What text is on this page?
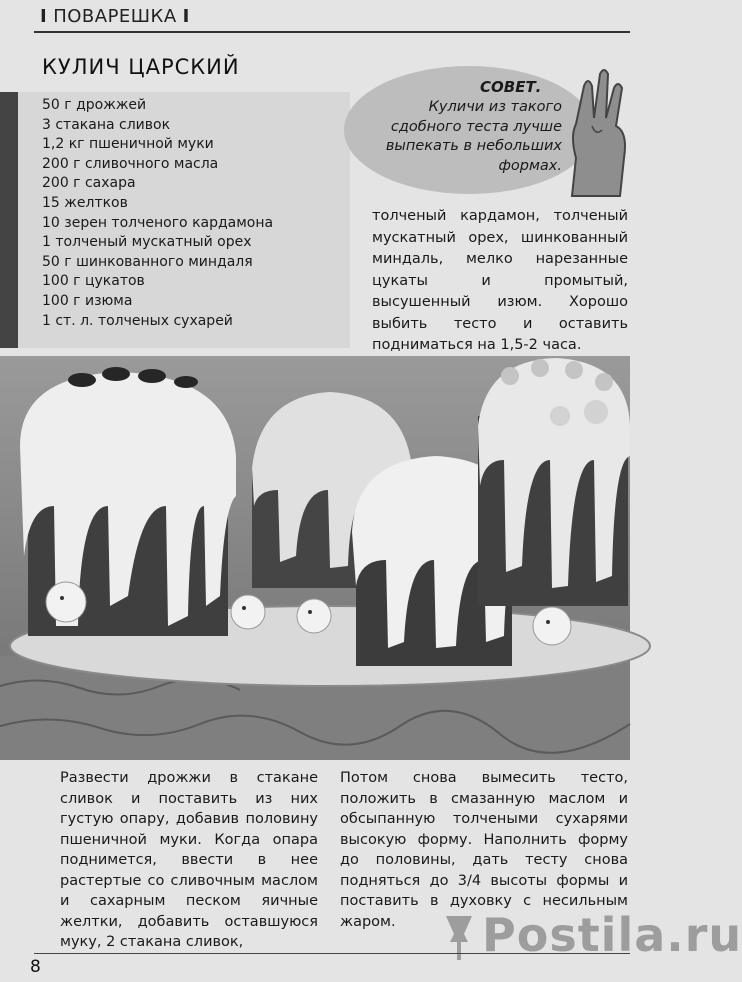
I ПОВАРЕШКА I
КУЛИЧ ЦАРСКИЙ
50 г дрожжей
3 стакана сливок
1,2 кг пшеничной муки
200 г сливочного масла
200 г сахара
15 желтков
10 зерен толченого кардамона
1 толченый мускатный орех
50 г шинкованного миндаля
100 г цукатов
100 г изюма
1 ст. л. толченых сухарей
СОВЕТ.
Куличи из такого сдобного теста лучше выпекать в небольших формах.
толченый кардамон, толченый мускатный орех, шинкованный миндаль, мелко нарезанные цукаты и промытый, высушенный изюм. Хорошо выбить тесто и оставить подниматься на 1,5-2 часа.
Развести дрожжи в стакане сливок и поставить из них густую опару, добавив половину пшеничной муки. Когда опара поднимется, ввести в нее растертые со сливочным маслом и сахарным песком яичные желтки, добавить оставшуюся муку, 2 стакана сливок,
Потом снова вымесить тесто, положить в смазанную маслом и обсыпанную толчеными сухарями высокую форму. Наполнить форму до половины, дать тесту снова подняться до 3/4 высоты формы и поставить в духовку с несильным жаром.	Postila.ru
8
